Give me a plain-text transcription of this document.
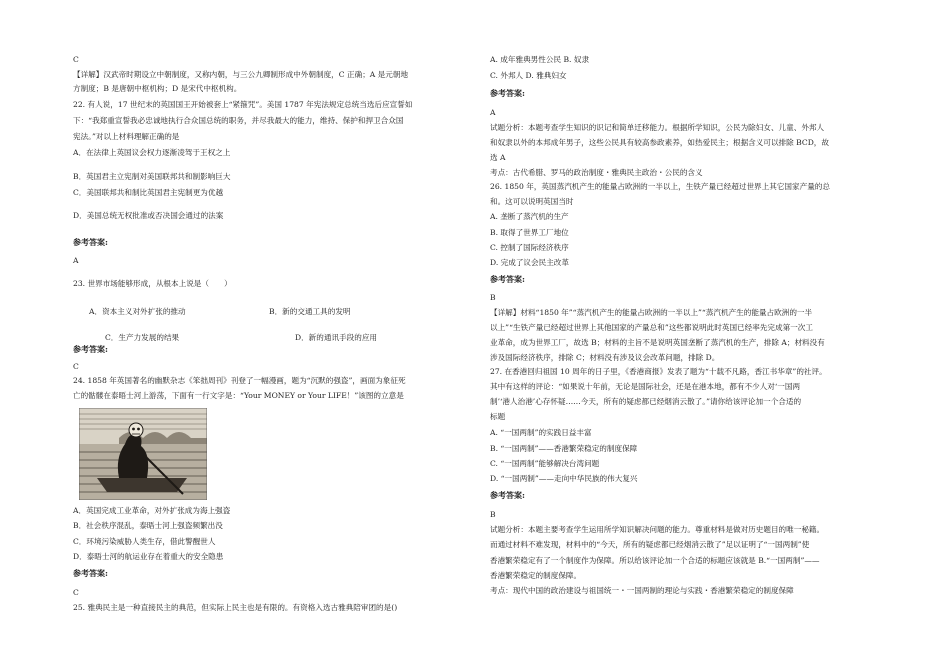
C
【详解】汉武帝时期设立中朝制度，又称内朝，与三公九卿制形成中外朝制度，C 正确；A 是元朝地
方制度；B 是唐朝中枢机构；D 是宋代中枢机构。
22. 有人说，17 世纪末的英国国王开始被套上“紧箍咒”。美国 1787 年宪法规定总统当选后应宣誓如
下：“我郑重宣誓我必忠诚地执行合众国总统的职务，并尽我最大的能力，维持、保护和捍卫合众国
宪法。”对以上材料理解正确的是
A．在法律上英国议会权力逐渐凌驾于王权之上
B．英国君主立宪制对美国联邦共和制影响巨大
C．美国联邦共和制比英国君主宪制更为优越
D．美国总统无权批准或否决国会通过的法案
参考答案:
A
23. 世界市场能够形成，从根本上说是（　　）
A．资本主义对外扩张的推动	B．新的交通工具的发明
C．生产力发展的结果	D．新的通讯手段的应用
参考答案:
C
24. 1858 年英国著名的幽默杂志《笨拙周刊》刊登了一幅漫画，题为“沉默的强盗”，画面为象征死
亡的骷髅在泰晤士河上游荡，下面有一行文字是：“Your MONEY or Your LIFE！”该图的立意是
A．英国完成工业革命，对外扩张成为海上强盗
B．社会秩序混乱，泰晤士河上强盗频繁出没
C．环境污染威胁人类生存，借此警醒世人
D．泰晤士河的航运业存在着重大的安全隐患
参考答案:
C
25. 雅典民主是一种直接民主的典范，但实际上民主也是有限的。有资格入选古雅典陪审团的是()
A. 成年雅典男性公民 B. 奴隶
C. 外邦人 D. 雅典妇女
参考答案:
A
试题分析：本题考查学生知识的识记和简单迁移能力。根据所学知识，公民为除妇女、儿童、外邦人
和奴隶以外的本邦成年男子，这些公民具有较高参政素养，如热爱民主；根据含义可以排除 BCD，故
选 A
考点：古代希腊、罗马的政治制度・雅典民主政治・公民的含义
26. 1850 年，英国蒸汽机产生的能量占欧洲的一半以上，生铁产量已经超过世界上其它国家产量的总
和。这可以说明英国当时
A. 垄断了蒸汽机的生产
B. 取得了世界工厂地位
C. 控制了国际经济秩序
D. 完成了议会民主改革
参考答案:
B
【详解】材料“1850 年”“蒸汽机产生的能量占欧洲的一半以上”“蒸汽机产生的能量占欧洲的一半
以上”“生铁产量已经超过世界上其他国家的产量总和”这些都说明此时英国已经率先完成第一次工
业革命，成为世界工厂，故选 B；材料的主旨不是说明英国垄断了蒸汽机的生产，排除 A；材料没有
涉及国际经济秩序，排除 C；材料没有涉及议会改革问题，排除 D。
27. 在香港回归祖国 10 周年的日子里，《香港商报》发表了题为“十载不凡路，香江书华章”的社评。
其中有这样的评论：“如果说十年前，无论是国际社会，还是在港本地，都有不少人对‘一国两
制’‘港人治港’心存怀疑……今天，所有的疑虑都已经烟消云散了。”请你给该评论加一个合适的
标题
A. “一国两制”的实践日益丰富
B. “一国两制”——香港繁荣稳定的制度保障
C. “一国两制”能够解决台湾问题
D. “一国两制”——走向中华民族的伟大复兴
参考答案:
B
试题分析：本题主要考查学生运用所学知识解决问题的能力。尊重材料是做对历史题目的唯一秘籍。
而通过材料不难发现，材料中的“今天，所有的疑虑都已经烟消云散了”足以证明了“一国两制”使
香港繁荣稳定有了一个制度作为保障。所以给该评论加一个合适的标题应该就是 B.“一国两制”——
香港繁荣稳定的制度保障。
考点：现代中国的政治建设与祖国统一・一国两制的理论与实践・香港繁荣稳定的制度保障
